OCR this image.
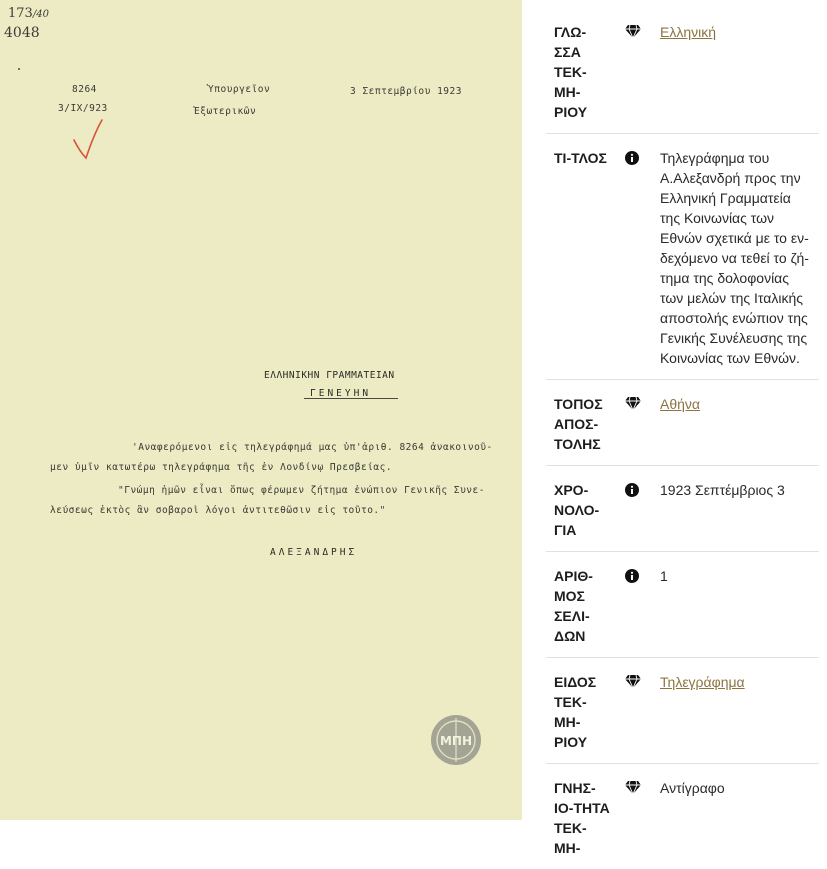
173/40
4048
8264
3/IX/923
Ὑπουργεῖον
Ἐξωτερικῶν
3 Σεπτεμβρίου 1923
ΕΛΛΗΝΙΚΗΝ ΓΡΑΜΜΑΤΕΙΑΝ
ΓΕΝΕΥΗΝ
'Αναφερόμενοι εἰς τηλεγράφημά μας ὑπ'ἀριθ. 8264 ἀνακοινοῦ-
μεν ὑμῖν κατωτέρω τηλεγράφημα τῆς ἐν Λονδίνῳ Πρεσβείας.
"Γνώμη ἡμῶν εἶναι ὅπως φέρωμεν ζήτημα ἐνώπιον Γενικῆς Συνε-
λεύσεως ἐκτὸς ἂν σοβαροὶ λόγοι ἀντιτεθῶσιν εἰς τοῦτο."
ΑΛΕΞΑΝΔΡΗΣ
ΜΠΗ
ΓΛΩ-ΣΣΑ ΤΕΚ-ΜΗ-ΡΙΟΥ
Ελληνική
ΤΙ-ΤΛΟΣ	Τηλεγράφημα του Α.Αλεξανδρή προς την Ελληνική Γραμματεία της Κοινωνίας των Εθνών σχετικά με το εν-δεχόμενο να τεθεί το ζή-τημα της δολοφονίας των μελών της Ιταλικής αποστολής ενώπιον της Γενικής Συνέλευσης της Κοινωνίας των Εθνών.
ΤΟΠΟΣ ΑΠΟΣ-ΤΟΛΗΣ
Αθήνα
ΧΡΟ-ΝΟΛΟ-ΓΙΑ
1923 Σεπτέμβριος 3
ΑΡΙΘ-ΜΟΣ ΣΕΛΙ-ΔΩΝ
1
ΕΙΔΟΣ ΤΕΚ-ΜΗ-ΡΙΟΥ
Τηλεγράφημα
ΓΝΗΣ-ΙΟ-ΤΗΤΑ ΤΕΚ-ΜΗ-
Αντίγραφο
